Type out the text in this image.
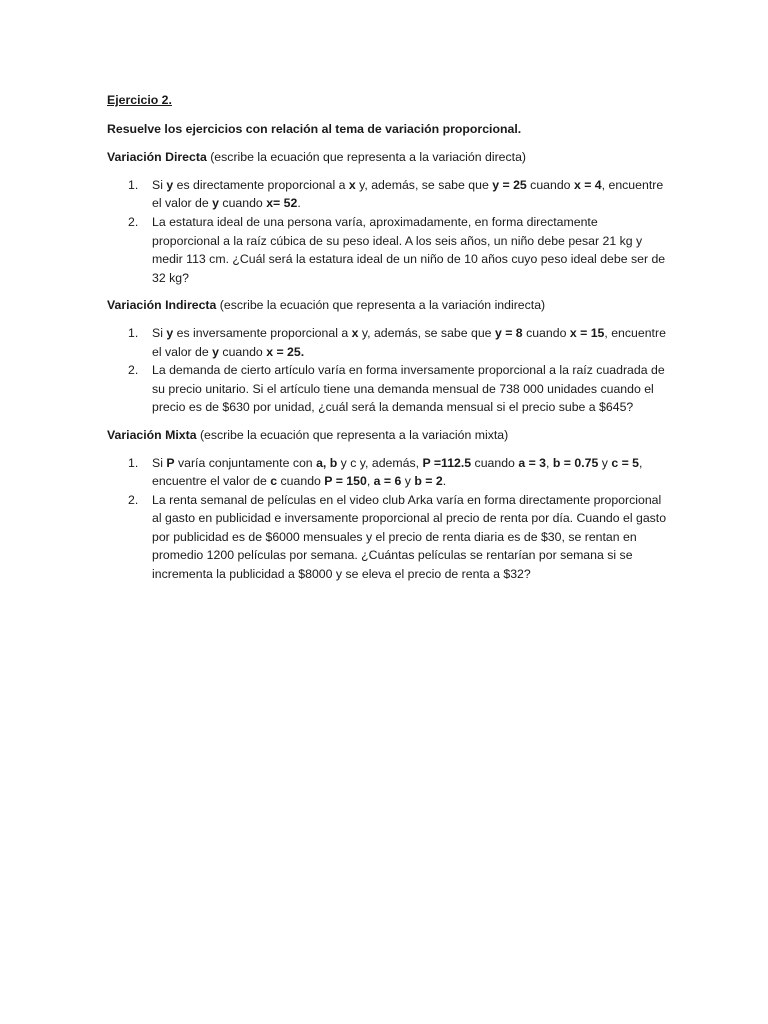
Ejercicio 2.

Resuelve los ejercicios con relación al tema de variación proporcional.

Variación Directa (escribe la ecuación que representa a la variación directa)

1. Si y es directamente proporcional a x y, además, se sabe que y = 25 cuando x = 4, encuentre el valor de y cuando x= 52.
2. La estatura ideal de una persona varía, aproximadamente, en forma directamente proporcional a la raíz cúbica de su peso ideal. A los seis años, un niño debe pesar 21 kg y medir 113 cm. ¿Cuál será la estatura ideal de un niño de 10 años cuyo peso ideal debe ser de 32 kg?

Variación Indirecta (escribe la ecuación que representa a la variación indirecta)

1. Si y es inversamente proporcional a x y, además, se sabe que y = 8 cuando x = 15, encuentre el valor de y cuando x = 25.
2. La demanda de cierto artículo varía en forma inversamente proporcional a la raíz cuadrada de su precio unitario. Si el artículo tiene una demanda mensual de 738 000 unidades cuando el precio es de $630 por unidad, ¿cuál será la demanda mensual si el precio sube a $645?

Variación Mixta (escribe la ecuación que representa a la variación mixta)

1. Si P varía conjuntamente con a, b y c y, además, P =112.5 cuando a = 3, b = 0.75 y c = 5, encuentre el valor de c cuando P = 150, a = 6 y b = 2.
2. La renta semanal de películas en el video club Arka varía en forma directamente proporcional al gasto en publicidad e inversamente proporcional al precio de renta por día. Cuando el gasto por publicidad es de $6000 mensuales y el precio de renta diaria es de $30, se rentan en promedio 1200 películas por semana. ¿Cuántas películas se rentarían por semana si se incrementa la publicidad a $8000 y se eleva el precio de renta a $32?
